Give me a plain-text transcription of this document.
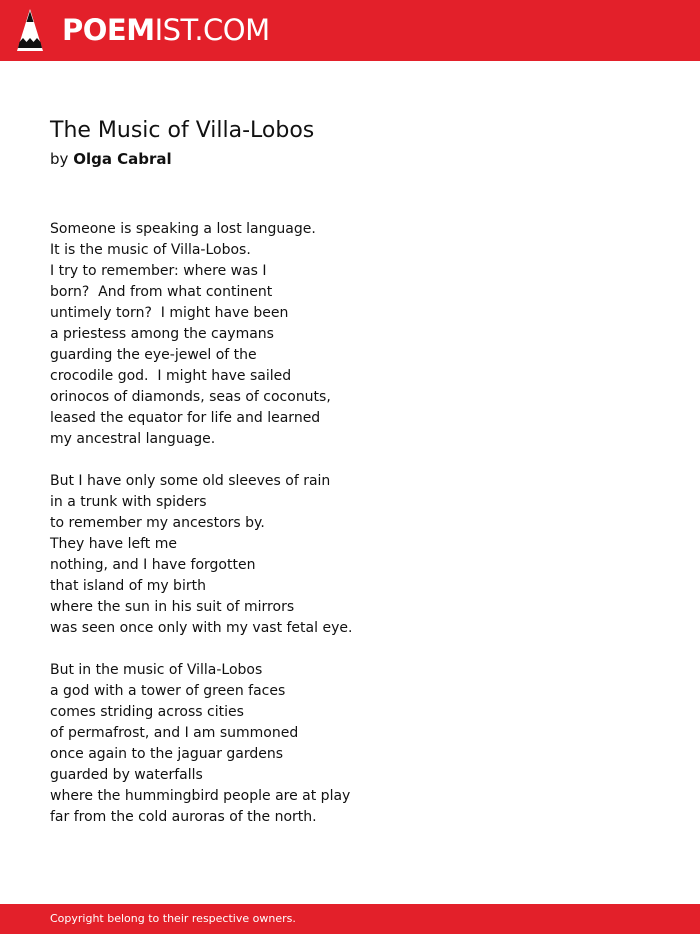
POEMIST.COM
The Music of Villa-Lobos
by Olga Cabral
Someone is speaking a lost language.
It is the music of Villa-Lobos.
I try to remember: where was I
born?  And from what continent
untimely torn?  I might have been
a priestess among the caymans
guarding the eye-jewel of the
crocodile god.  I might have sailed
orinocos of diamonds, seas of coconuts,
leased the equator for life and learned
my ancestral language.
But I have only some old sleeves of rain
in a trunk with spiders
to remember my ancestors by.
They have left me
nothing, and I have forgotten
that island of my birth
where the sun in his suit of mirrors
was seen once only with my vast fetal eye.
But in the music of Villa-Lobos
a god with a tower of green faces
comes striding across cities
of permafrost, and I am summoned
once again to the jaguar gardens
guarded by waterfalls
where the hummingbird people are at play
far from the cold auroras of the north.
Copyright belong to their respective owners.
